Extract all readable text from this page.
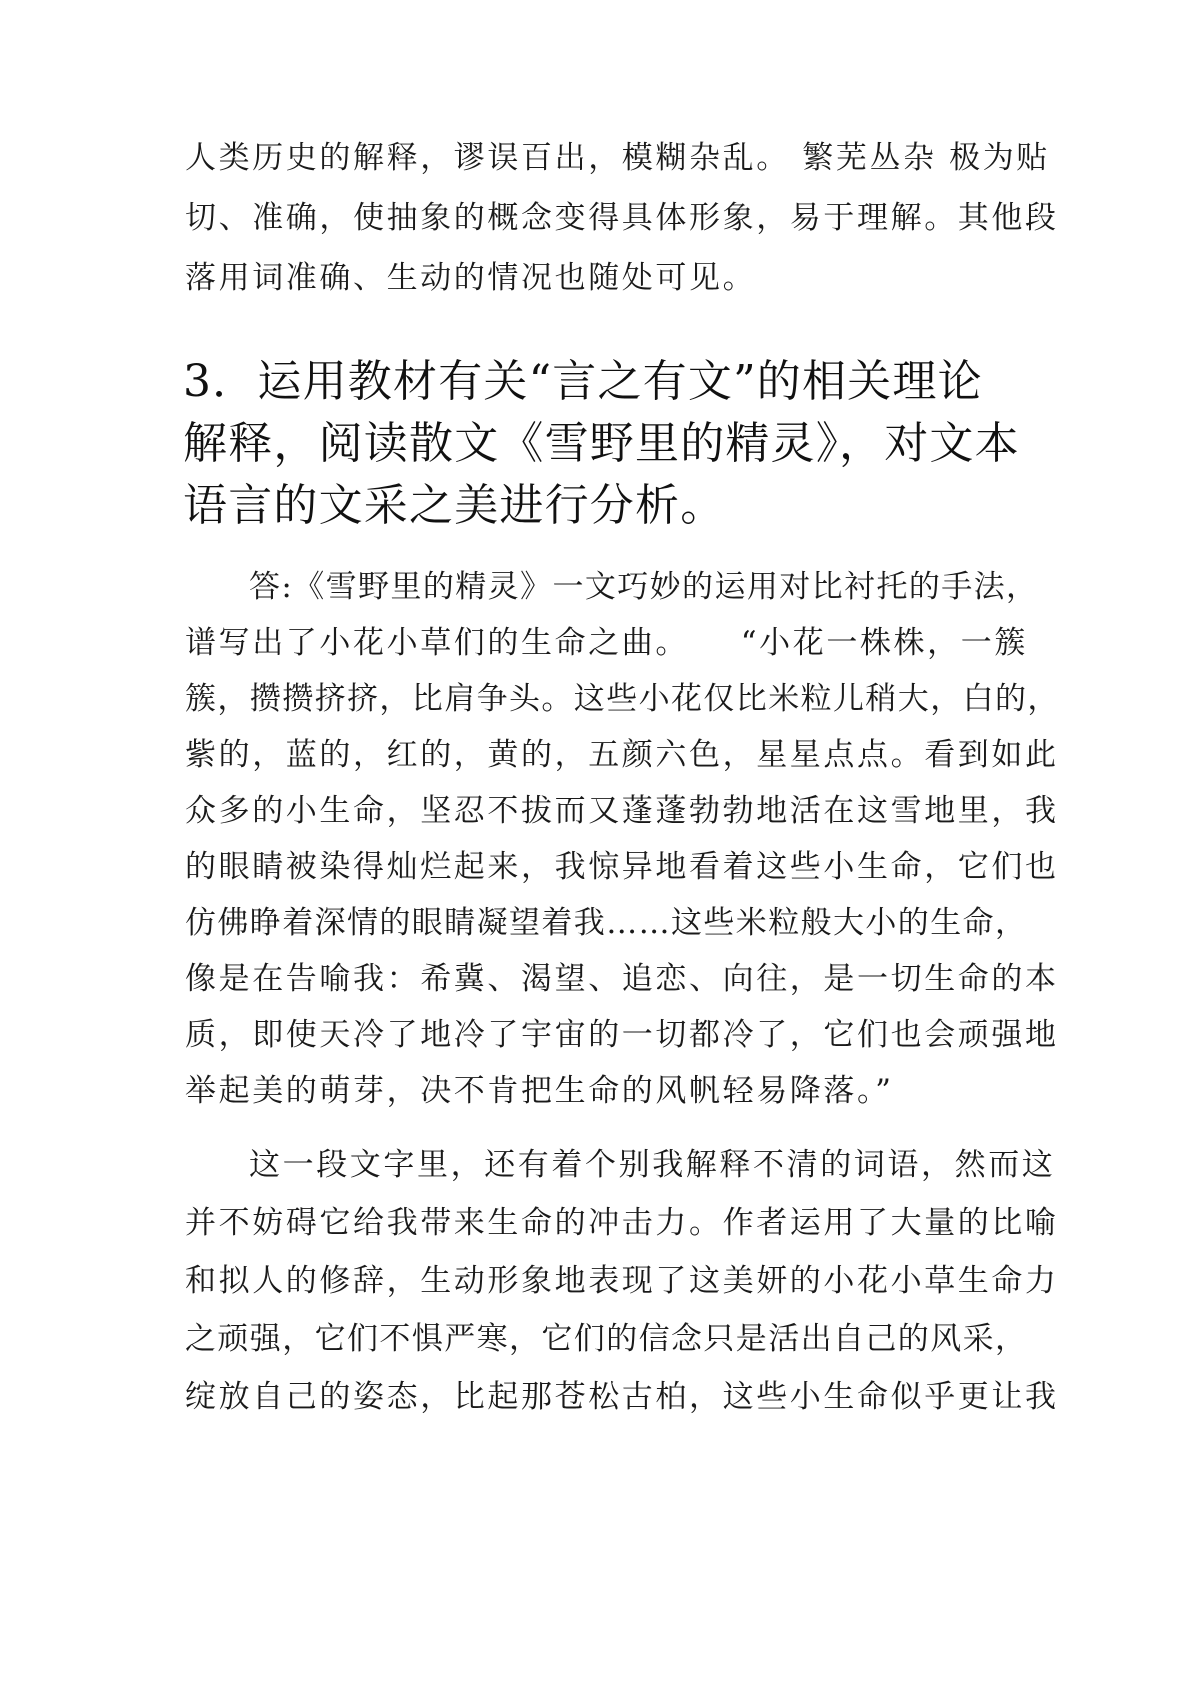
人类历史的解释，谬误百出，模糊杂乱。 繁芜丛杂 极为贴
切、准确，使抽象的概念变得具体形象，易于理解。其他段
落用词准确、生动的情况也随处可见。
3．运用教材有关“言之有文”的相关理论
解释，阅读散文《雪野里的精灵》，对文本
语言的文采之美进行分析。
答:《雪野里的精灵》一文巧妙的运用对比衬托的手法，
谱写出了小花小草们的生命之曲。　　“小花一株株，一簇
簇，攒攒挤挤，比肩争头。这些小花仅比米粒儿稍大，白的，
紫的，蓝的，红的，黄的，五颜六色，星星点点。看到如此
众多的小生命，坚忍不拔而又蓬蓬勃勃地活在这雪地里，我
的眼睛被染得灿烂起来，我惊异地看着这些小生命，它们也
仿佛睁着深情的眼睛凝望着我……这些米粒般大小的生命，
像是在告喻我：希冀、渴望、追恋、向往，是一切生命的本
质，即使天冷了地冷了宇宙的一切都冷了，它们也会顽强地
举起美的萌芽，决不肯把生命的风帆轻易降落。”
这一段文字里，还有着个别我解释不清的词语，然而这
并不妨碍它给我带来生命的冲击力。作者运用了大量的比喻
和拟人的修辞，生动形象地表现了这美妍的小花小草生命力
之顽强，它们不惧严寒，它们的信念只是活出自己的风采，
绽放自己的姿态，比起那苍松古柏，这些小生命似乎更让我
